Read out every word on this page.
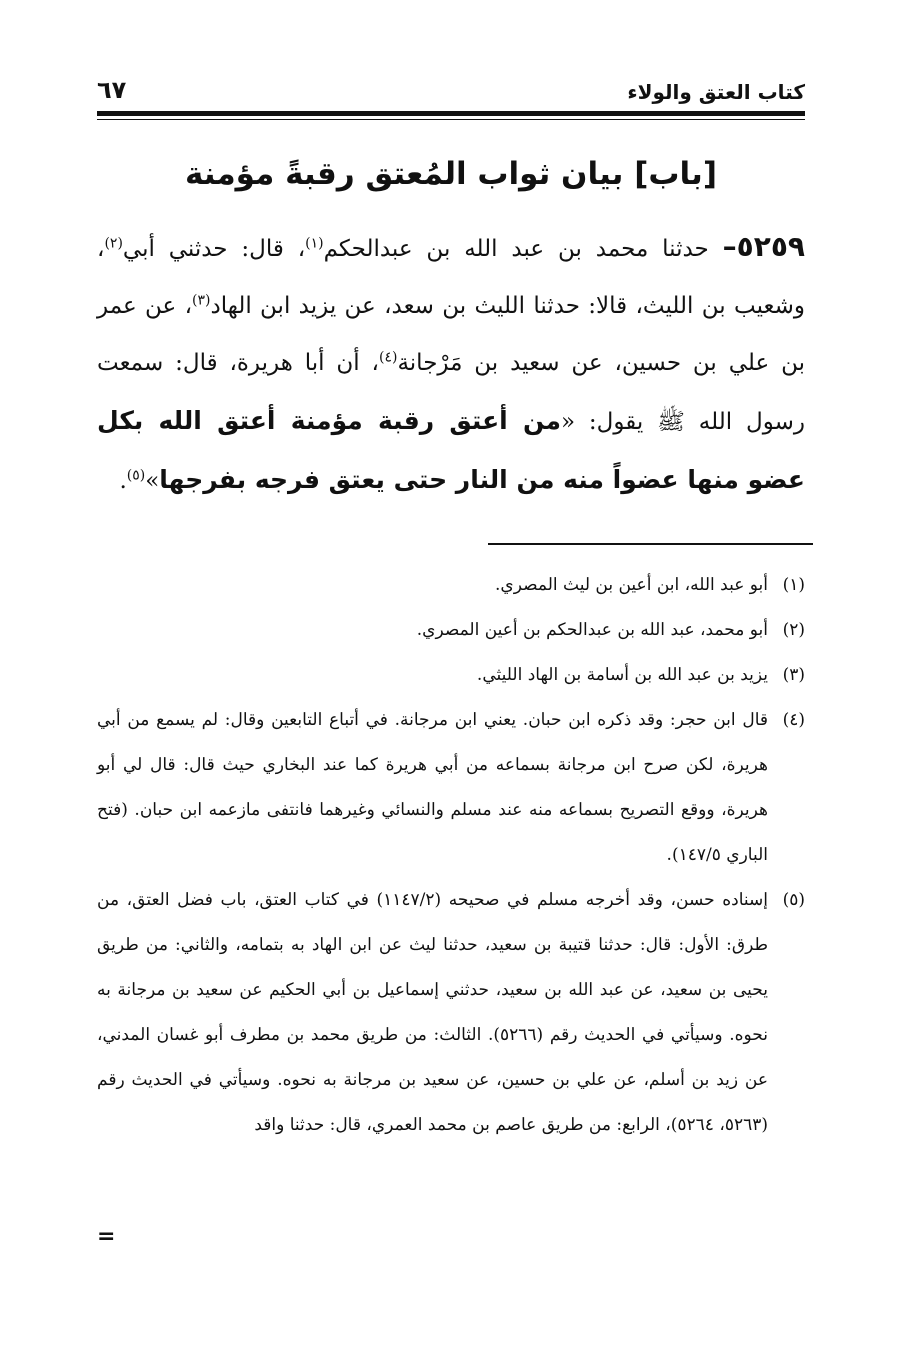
كتاب العتق والولاء
٦٧
[باب] بيان ثواب المُعتق رقبةً مؤمنة

٥٢٥٩– حدثنا محمد بن عبد الله بن عبدالحكم$^{(١)}$، قال: حدثني أبي$^{(٢)}$، وشعيب بن الليث، قالا: حدثنا الليث بن سعد، عن يزيد ابن الهاد$^{(٣)}$، عن عمر بن علي بن حسين، عن سعيد بن مَرْجانة$^{(٤)}$، أن أبا هريرة، قال: سمعت رسول الله ﷺ يقول: «من أعتق رقبة مؤمنة أعتق الله بكل عضو منها عضواً منه من النار حتى يعتق فرجه بفرجها»$^{(٥)}$.

(١)
أبو عبد الله، ابن أعين بن ليث المصري.

(٢)
أبو محمد، عبد الله بن عبدالحكم بن أعين المصري.

(٣)
يزيد بن عبد الله بن أسامة بن الهاد الليثي.

(٤)
قال ابن حجر: وقد ذكره ابن حبان. يعني ابن مرجانة. في أتباع التابعين وقال: لم يسمع من أبي هريرة، لكن صرح ابن مرجانة بسماعه من أبي هريرة كما عند البخاري حيث قال: قال لي أبو هريرة، ووقع التصريح بسماعه منه عند مسلم والنسائي وغيرهما فانتفى مازعمه ابن حبان. (فتح الباري ١٤٧/٥).

(٥)
إسناده حسن، وقد أخرجه مسلم في صحيحه (١١٤٧/٢) في كتاب العتق، باب فضل العتق، من طرق: الأول: قال: حدثنا قتيبة بن سعيد، حدثنا ليث عن ابن الهاد به بتمامه، والثاني: من طريق يحيى بن سعيد، عن عبد الله بن سعيد، حدثني إسماعيل بن أبي الحكيم عن سعيد بن مرجانة به نحوه. وسيأتي في الحديث رقم (٥٢٦٦). الثالث: من طريق محمد بن مطرف أبو غسان المدني، عن زيد بن أسلم، عن علي بن حسين، عن سعيد بن مرجانة به نحوه. وسيأتي في الحديث رقم (٥٢٦٣، ٥٢٦٤)، الرابع: من طريق عاصم بن محمد العمري، قال: حدثنا واقد

=
